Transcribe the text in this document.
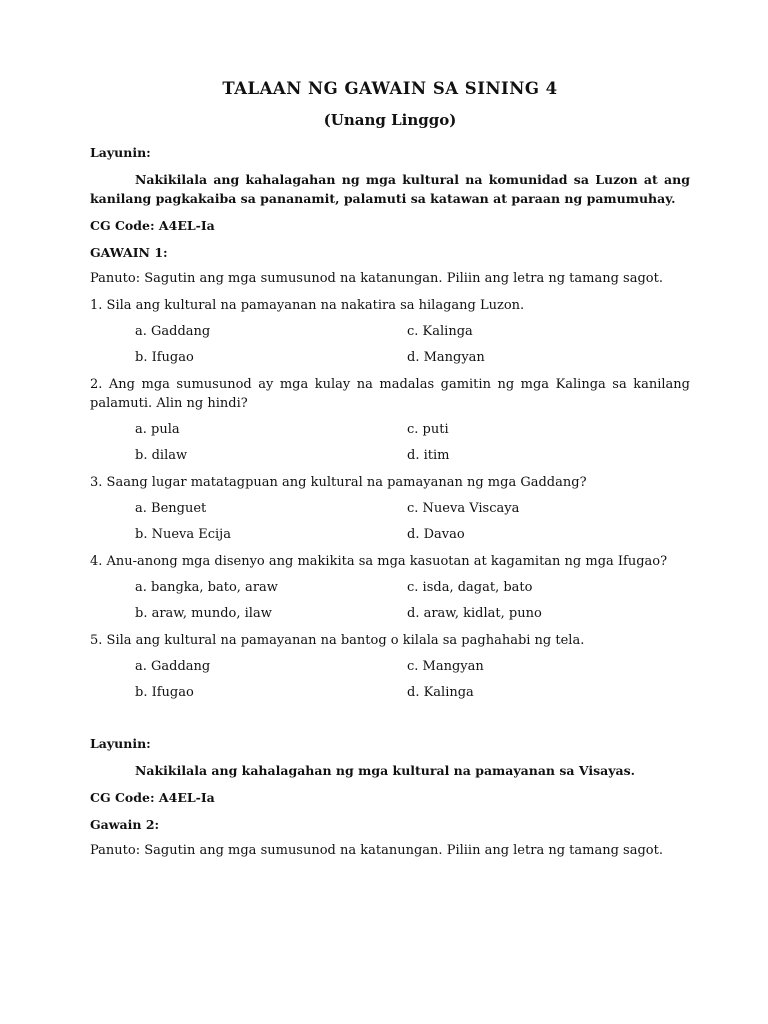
TALAAN NG GAWAIN SA SINING 4
(Unang Linggo)

Layunin:

Nakikilala ang kahalagahan ng mga kultural na komunidad sa Luzon at ang kanilang pagkakaiba sa pananamit, palamuti sa katawan at paraan ng pamumuhay.

CG Code: A4EL-Ia

GAWAIN 1:

Panuto: Sagutin ang mga sumusunod na katanungan. Piliin ang letra ng tamang sagot.

1. Sila ang kultural na pamayanan na nakatira sa hilagang Luzon.

a. Gaddang	c. Kalinga
b. Ifugao	d. Mangyan

2. Ang mga sumusunod ay mga kulay na madalas gamitin ng mga Kalinga sa kanilang palamuti. Alin ng hindi?

a. pula	c. puti
b. dilaw	d. itim

3. Saang lugar matatagpuan ang kultural na pamayanan ng mga Gaddang?

a. Benguet	c. Nueva Viscaya
b. Nueva Ecija	d. Davao

4. Anu-anong mga disenyo ang makikita sa mga kasuotan at kagamitan ng mga Ifugao?

a. bangka, bato, araw	c. isda, dagat, bato
b. araw, mundo, ilaw	d. araw, kidlat, puno

5. Sila ang kultural na pamayanan na bantog o kilala sa paghahabi ng tela.

a. Gaddang	c. Mangyan
b. Ifugao	d. Kalinga

Layunin:

Nakikilala ang kahalagahan ng mga kultural na pamayanan sa Visayas.

CG Code: A4EL-Ia

Gawain 2:

Panuto: Sagutin ang mga sumusunod na katanungan. Piliin ang letra ng tamang sagot.
